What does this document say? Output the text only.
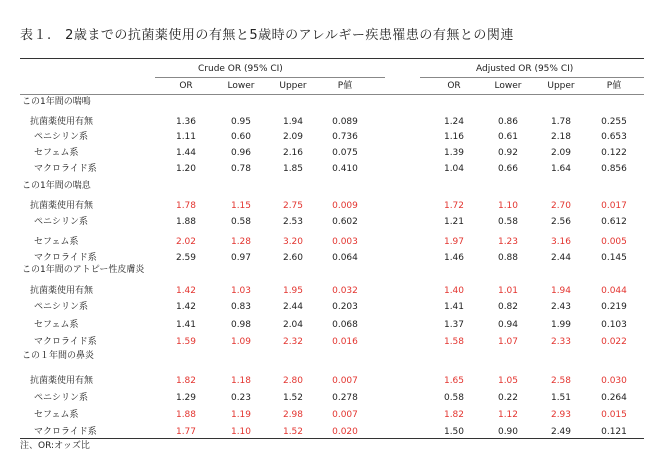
表１.　2歳までの抗菌薬使用の有無と5歳時のアレルギー疾患罹患の有無との関連
Crude OR (95% CI)	Adjusted OR (95% CI)
OR	Lower	Upper	P値	OR	Lower	Upper	P値
この1年間の喘鳴
抗菌薬使用有無	1.36	0.95	1.94	0.089	1.24	0.86	1.78	0.255
ペニシリン系	1.11	0.60	2.09	0.736	1.16	0.61	2.18	0.653
セフェム系	1.44	0.96	2.16	0.075	1.39	0.92	2.09	0.122
マクロライド系	1.20	0.78	1.85	0.410	1.04	0.66	1.64	0.856
この1年間の喘息
抗菌薬使用有無	1.78	1.15	2.75	0.009	1.72	1.10	2.70	0.017
ペニシリン系	1.88	0.58	2.53	0.602	1.21	0.58	2.56	0.612
セフェム系	2.02	1.28	3.20	0.003	1.97	1.23	3.16	0.005
マクロライド系	2.59	0.97	2.60	0.064	1.46	0.88	2.44	0.145
この1年間のアトピー性皮膚炎
抗菌薬使用有無	1.42	1.03	1.95	0.032	1.40	1.01	1.94	0.044
ペニシリン系	1.42	0.83	2.44	0.203	1.41	0.82	2.43	0.219
セフェム系	1.41	0.98	2.04	0.068	1.37	0.94	1.99	0.103
マクロライド系	1.59	1.09	2.32	0.016	1.58	1.07	2.33	0.022
この１年間の鼻炎
抗菌薬使用有無	1.82	1.18	2.80	0.007	1.65	1.05	2.58	0.030
ペニシリン系	1.29	0.23	1.52	0.278	0.58	0.22	1.51	0.264
セフェム系	1.88	1.19	2.98	0.007	1.82	1.12	2.93	0.015
マクロライド系	1.77	1.10	1.52	0.020	1.50	0.90	2.49	0.121
注、OR:オッズ比
